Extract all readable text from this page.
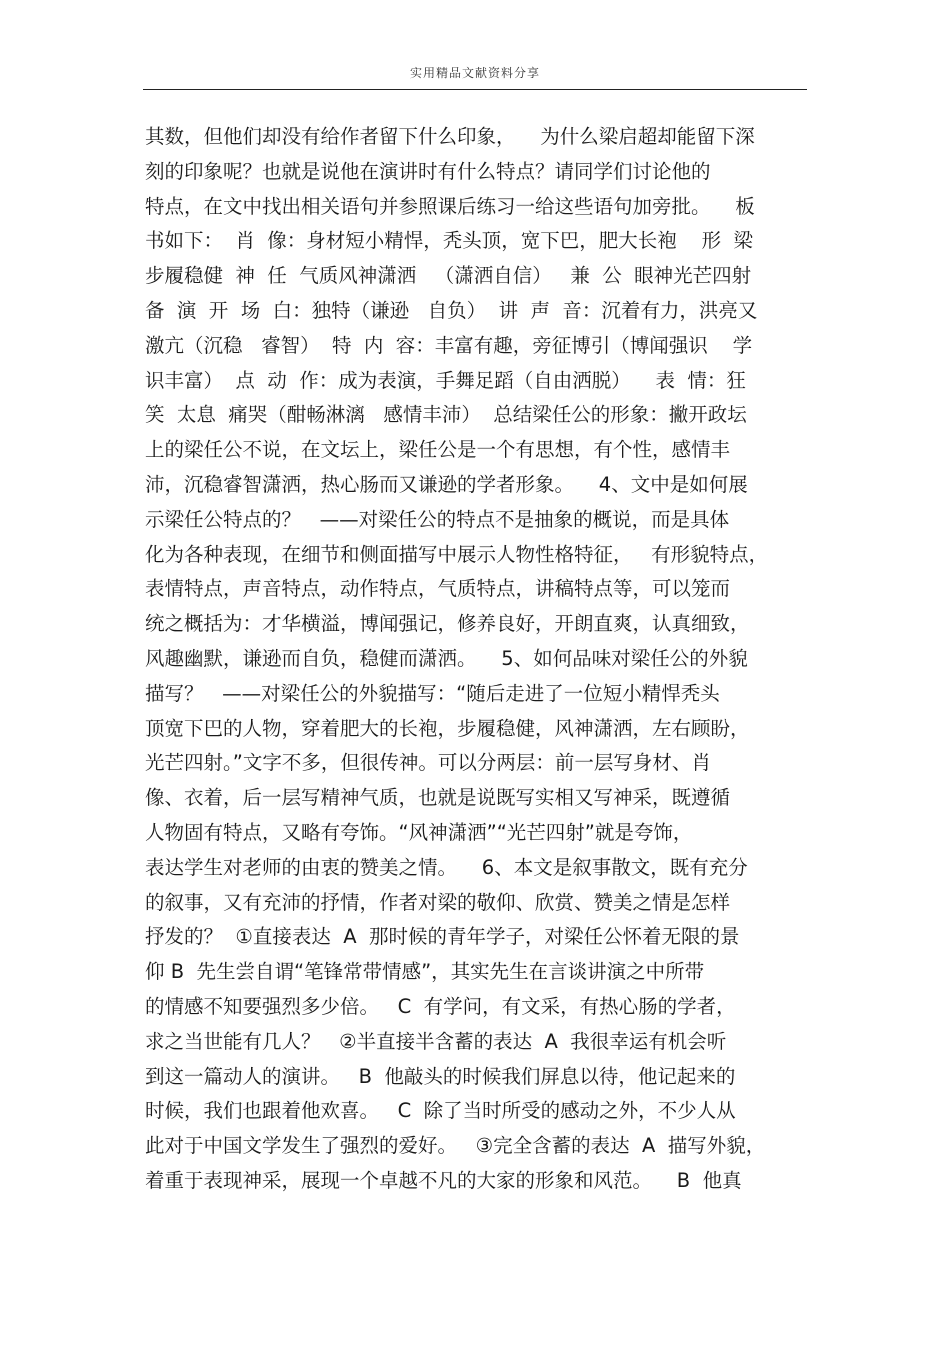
实用精品文献资料分享
其数，但他们却没有给作者留下什么印象，    为什么梁启超却能留下深
刻的印象呢？也就是说他在演讲时有什么特点？请同学们讨论他的
特点，在文中找出相关语句并参照课后练习一给这些语句加旁批。    板
书如下：  肖  像：身材短小精悍，秃头顶，宽下巴，肥大长袍    形  梁
步履稳健  神  任  气质风神潇洒   （潇洒自信）   兼  公  眼神光芒四射
备  演  开  场  白：独特（谦逊   自负）  讲  声  音：沉着有力，洪亮又
激亢（沉稳   睿智）  特  内  容：丰富有趣，旁征博引（博闻强识    学
识丰富）  点  动  作：成为表演，手舞足蹈（自由洒脱）    表  情：狂
笑  太息  痛哭（酣畅淋漓   感情丰沛）  总结梁任公的形象：撇开政坛
上的梁任公不说，在文坛上，梁任公是一个有思想，有个性，感情丰
沛，沉稳睿智潇洒，热心肠而又谦逊的学者形象。    4、文中是如何展
示梁任公特点的？   ——对梁任公的特点不是抽象的概说，而是具体
化为各种表现，在细节和侧面描写中展示人物性格特征，   有形貌特点，
表情特点，声音特点，动作特点，气质特点，讲稿特点等，可以笼而
统之概括为：才华横溢，博闻强记，修养良好，开朗直爽，认真细致，
风趣幽默，谦逊而自负，稳健而潇洒。    5、如何品味对梁任公的外貌
描写？   ——对梁任公的外貌描写：“随后走进了一位短小精悍秃头
顶宽下巴的人物，穿着肥大的长袍，步履稳健，风神潇洒，左右顾盼，
光芒四射。”文字不多，但很传神。可以分两层：前一层写身材、肖
像、衣着，后一层写精神气质，也就是说既写实相又写神采，既遵循
人物固有特点，又略有夸饰。“风神潇洒”“光芒四射”就是夸饰，
表达学生对老师的由衷的赞美之情。    6、本文是叙事散文，既有充分
的叙事，又有充沛的抒情，作者对梁的敬仰、欣赏、赞美之情是怎样
抒发的？  ①直接表达  A  那时候的青年学子，对梁任公怀着无限的景
仰 B  先生尝自谓“笔锋常带情感”，其实先生在言谈讲演之中所带
的情感不知要强烈多少倍。   C  有学问，有文采，有热心肠的学者，
求之当世能有几人？   ②半直接半含蓄的表达  A  我很幸运有机会听
到这一篇动人的演讲。   B  他敲头的时候我们屏息以待，他记起来的
时候，我们也跟着他欢喜。   C  除了当时所受的感动之外，不少人从
此对于中国文学发生了强烈的爱好。   ③完全含蓄的表达  A  描写外貌，
着重于表现神采，展现一个卓越不凡的大家的形象和风范。    B  他真
